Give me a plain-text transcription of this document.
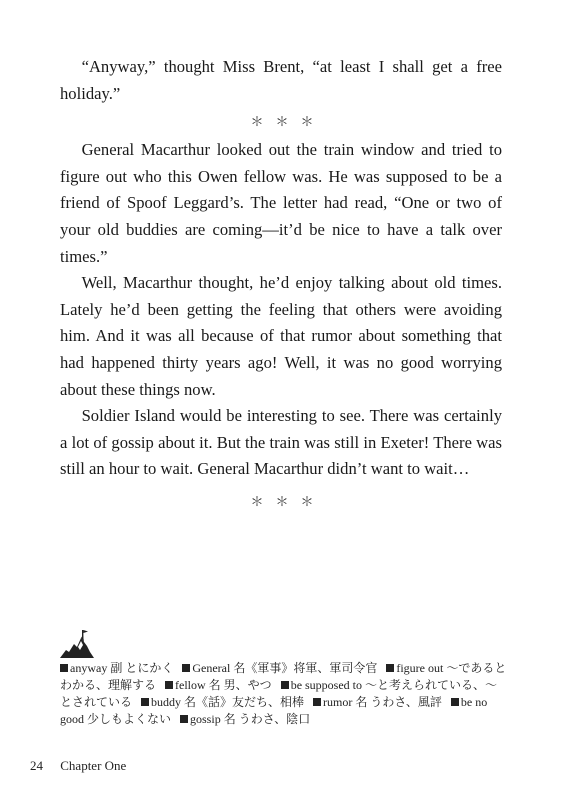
“Anyway,” thought Miss Brent, “at least I shall get a free holiday.”

＊＊＊

General Macarthur looked out the train window and tried to figure out who this Owen fellow was. He was supposed to be a friend of Spoof Leggard’s. The letter had read, “One or two of your old buddies are coming—it’d be nice to have a talk over times.”

Well, Macarthur thought, he’d enjoy talking about old times. Lately he’d been getting the feeling that others were avoiding him. And it was all because of that rumor about something that had happened thirty years ago! Well, it was no good worrying about these things now.

Soldier Island would be interesting to see. There was certainly a lot of gossip about it. But the train was still in Exeter! There was still an hour to wait. General Macarthur didn’t want to wait…

＊＊＊
anyway 副 とにかく General 名《軍事》将軍、軍司令官 figure out ～であるとわかる、理解する fellow 名 男、やつ be supposed to ～と考えられている、～とされている buddy 名《話》友だち、相棒 rumor 名 うわさ、風評 be no good 少しもよくない gossip 名 うわさ、陰口
24 Chapter One
